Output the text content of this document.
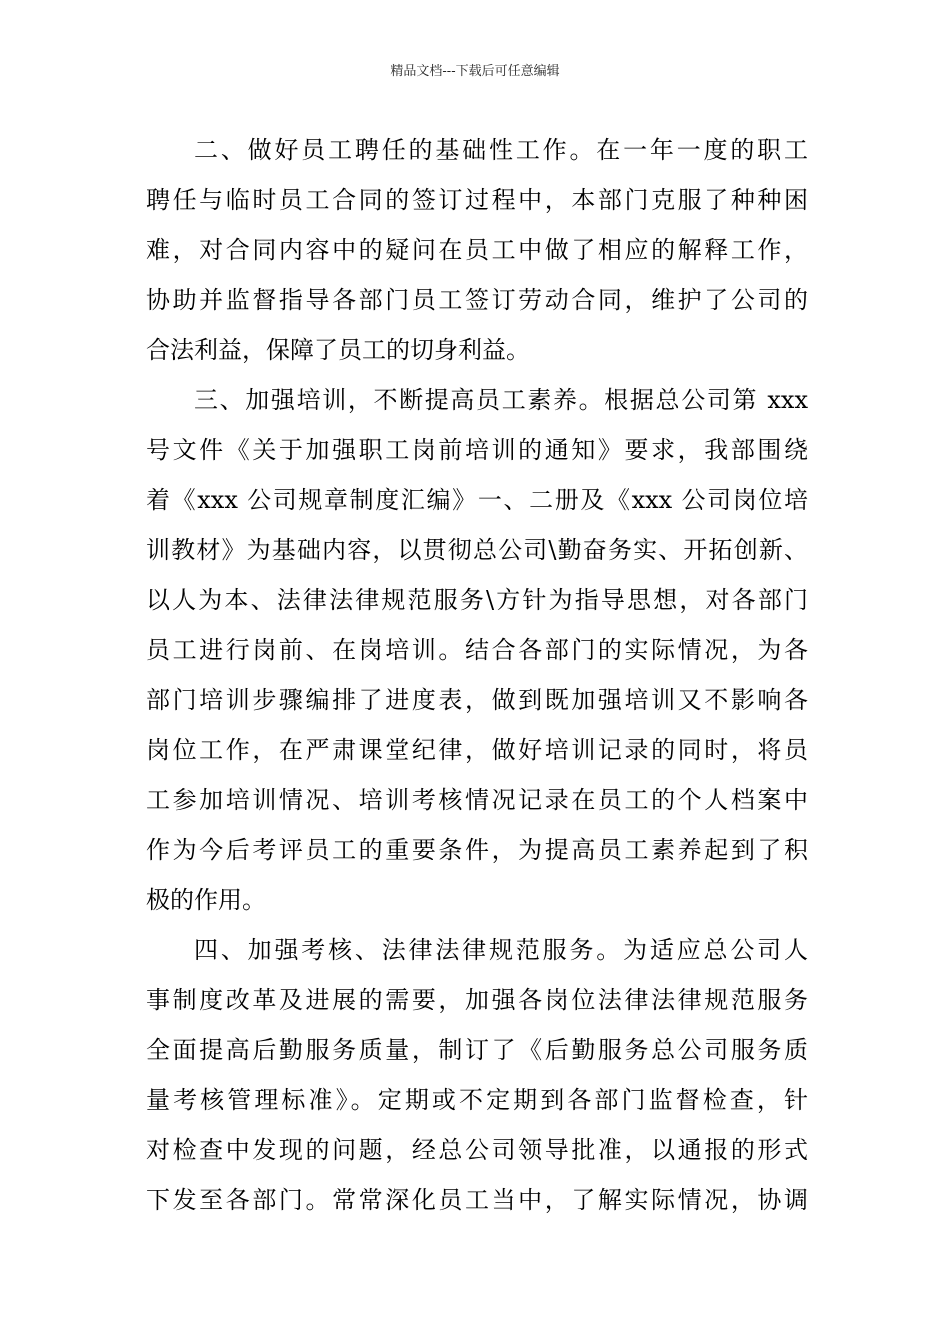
精品文档---下载后可任意编辑
二、做好员工聘任的基础性工作。在一年一度的职工
聘任与临时员工合同的签订过程中，本部门克服了种种困
难，对合同内容中的疑问在员工中做了相应的解释工作，
协助并监督指导各部门员工签订劳动合同，维护了公司的
合法利益，保障了员工的切身利益。
三、加强培训，不断提高员工素养。根据总公司第 xxx
号文件《关于加强职工岗前培训的通知》要求，我部围绕
着《xxx 公司规章制度汇编》一、二册及《xxx 公司岗位培
训教材》为基础内容，以贯彻总公司\勤奋务实、开拓创新、
以人为本、法律法律规范服务\方针为指导思想，对各部门
员工进行岗前、在岗培训。结合各部门的实际情况，为各
部门培训步骤编排了进度表，做到既加强培训又不影响各
岗位工作，在严肃课堂纪律，做好培训记录的同时，将员
工参加培训情况、培训考核情况记录在员工的个人档案中
作为今后考评员工的重要条件，为提高员工素养起到了积
极的作用。
四、加强考核、法律法律规范服务。为适应总公司人
事制度改革及进展的需要，加强各岗位法律法律规范服务
全面提高后勤服务质量，制订了《后勤服务总公司服务质
量考核管理标准》。定期或不定期到各部门监督检查，针
对检查中发现的问题，经总公司领导批准，以通报的形式
下发至各部门。常常深化员工当中，了解实际情况，协调
